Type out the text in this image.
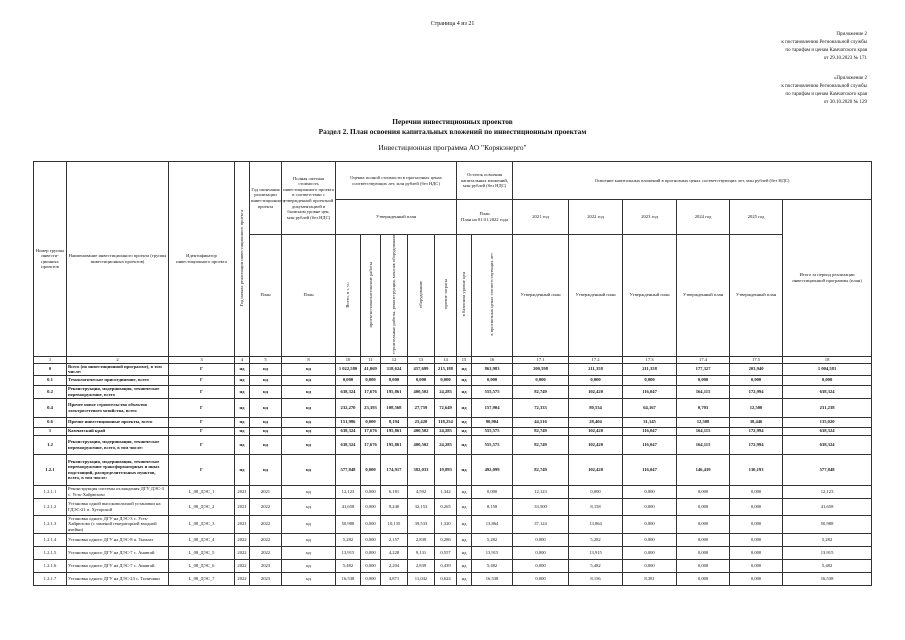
Страница 4 из 21
Приложение 2
к постановлению Региональной службы
по тарифам и ценам Камчатского края
от 29.10.2023 № 171
«Приложение 2
к постановлению Региональной службы
по тарифам и ценам Камчатского края
от 30.10.2020 № 129
Перечни инвестиционных проектов
Раздел 2. План освоения капитальных вложений по инвестиционным проектам
Инвестиционная программа АО "Корякэнерго"
Номер группы инвести-ционных проектов	Наименование инвестиционного проекта (группы инвестиционных проектов)	Идентификатор инвестиционного проекта	Год начала реализации инвестиционного проекта	Год окончания реализации инвестиционного проекта	Полная сметная стоимость инвестиционного проекта в соответствии с утвержденной проектной документацией в базисном уровне цен, млн рублей (без НДС)	Оценка полной стоимости в прогнозных ценах соответствующих лет, млн рублей (без НДС)					Остаток освоения капитальных вложений, млн рублей (без НДС)		Освоение капитальных вложений в прогнозных ценах соответствующих лет, млн рублей (без НДС)					
						Утвержденный план					План
План на 01.01.2022 года		2021 год	2022 год	2023 год	2024 год	2025 год	Итого за период реализации инвестиционной программы (план)
				План	План	Всего, в т. ч.:	проектно-изыскательские работы	строительные работы, реконструкция, монтаж оборудования	оборудование	прочие затраты	в базисном уровне цен	в прогнозных ценах соответствующих лет	Утвержденный план	Утвержденный план	Утвержденный план	Утвержденный план	Утвержденный план	
1	2	3	4	5	8	10	11	12	13	14	15	16	17.1	17.2	17.3	17.4	17.5	18
0	Всего (по инвестиционной программе), в том числе:	Г	нд	нд	нд	1 022,580	41,069	318,624	457,699	215,188	нд	863,983	200,598	211,358	211,358	177,327	203,940	1 004,581
0.1	Технологическое присоединение, всего	Г	нд	нд	нд	0,000	0,000	0,000	0,000	0,000	нд	0,000	0,000	0,000	0,000	0,000	0,000	0,000
0.2	Реконструкция, модернизация, техническое перевооружение, всего	Г	нд	нд	нд	638,324	17,676	195,861	400,502	24,285	нд	555,575	82,749	102,420	116,047	164,115	172,994	638,324
0.4	Прочее новое строительство объектов электросетевого хозяйства, всего	Г	нд	нд	нд	232,270	23,393	108,568	27,759	72,649	нд	157,904	72,333	80,534	64,167	0,703	12,500	231,238
0.6	Прочие инвестиционные проекты, всего	Г	нд	нд	нд	151,986	0,000	8,194	25,420	118,254	нд	90,904	44,516	28,404	31,145	12,508	38,446	135,020
1	Камчатский край	Г	нд	нд	нд	638,324	17,676	195,861	400,502	24,285	нд	555,575	82,749	102,420	116,047	164,115	172,994	638,324
1.2	Реконструкция, модернизация, техническое перевооружение, всего, в том числе:	Г	нд	нд	нд	638,324	17,676	195,861	400,502	24,285	нд	555,575	82,749	102,420	116,047	164,115	172,994	638,324
1.2.1	Реконструкция, модернизация, техническое перевооружение трансформаторных и иных подстанций, распределительных пунктов, всего, в том числе:	Г	нд	нд	нд	577,848	0,000	174,917	382,033	19,893	нд	492,099	82,749	102,420	116,047	146,439	130,193	577,848
1.2.1.1	Реконструкция системы охлаждения ДГУ ДЭС-3 с. Усть-Хайрюзово	L_08_ДЭС_1	2021	2021	нд	12,123	0,000	6,181	4,592	1,342	нд	0,000	12,123	0,000	0,000	0,000	0,000	12,123
1.2.1.2	Установка одной высоковольтной установки на ГДЭС-21 п. Хуторской	L_08_ДЭС_2	2021	2022	нд	41,658	0,000	9,240	32,153	0,265	нд	8,158	33,500	8,158	0,000	0,000	0,000	41,658
1.2.1.3	Установка одного ДГУ на ДЭС-3 с. Усть-Хайрюзово (с заменой генераторной входной ячейки)	L_08_ДЭС_3	2021	2022	нд	50,988	0,000	10,135	39,533	1,320	нд	13,864	37,124	13,864	0,000	0,000	0,000	50,988
1.2.1.4	Установка одного ДГУ на ДЭС-8 п. Тымлат	L_08_ДЭС_4	2022	2022	нд	5,282	0,000	2,157	2,839	0,286	нд	5,282	0,000	5,282	0,000	0,000	0,000	5,282
1.2.1.5	Установка одного ДГУ на ДЭС-7 с. Анавгай	L_08_ДЭС_5	2022	2022	нд	13,915	0,000	4,228	9,131	0,557	нд	13,915	0,000	13,915	0,000	0,000	0,000	13,915
1.2.1.6	Установка одного ДГУ на ДЭС-7 с. Анавгай	L_08_ДЭС_6	2022	2023	нд	5,482	0,000	2,204	2,839	0,439	нд	5,482	0,000	5,482	0,000	0,000	0,000	5,482
1.2.1.7	Установка одного ДГУ на ДЭС-23 с. Тиличики	L_08_ДЭС_7	2022	2023	нд	16,538	0,000	4,871	11,042	0,624	нд	16,538	0,000	8,156	8,381	0,000	0,000	16,538
